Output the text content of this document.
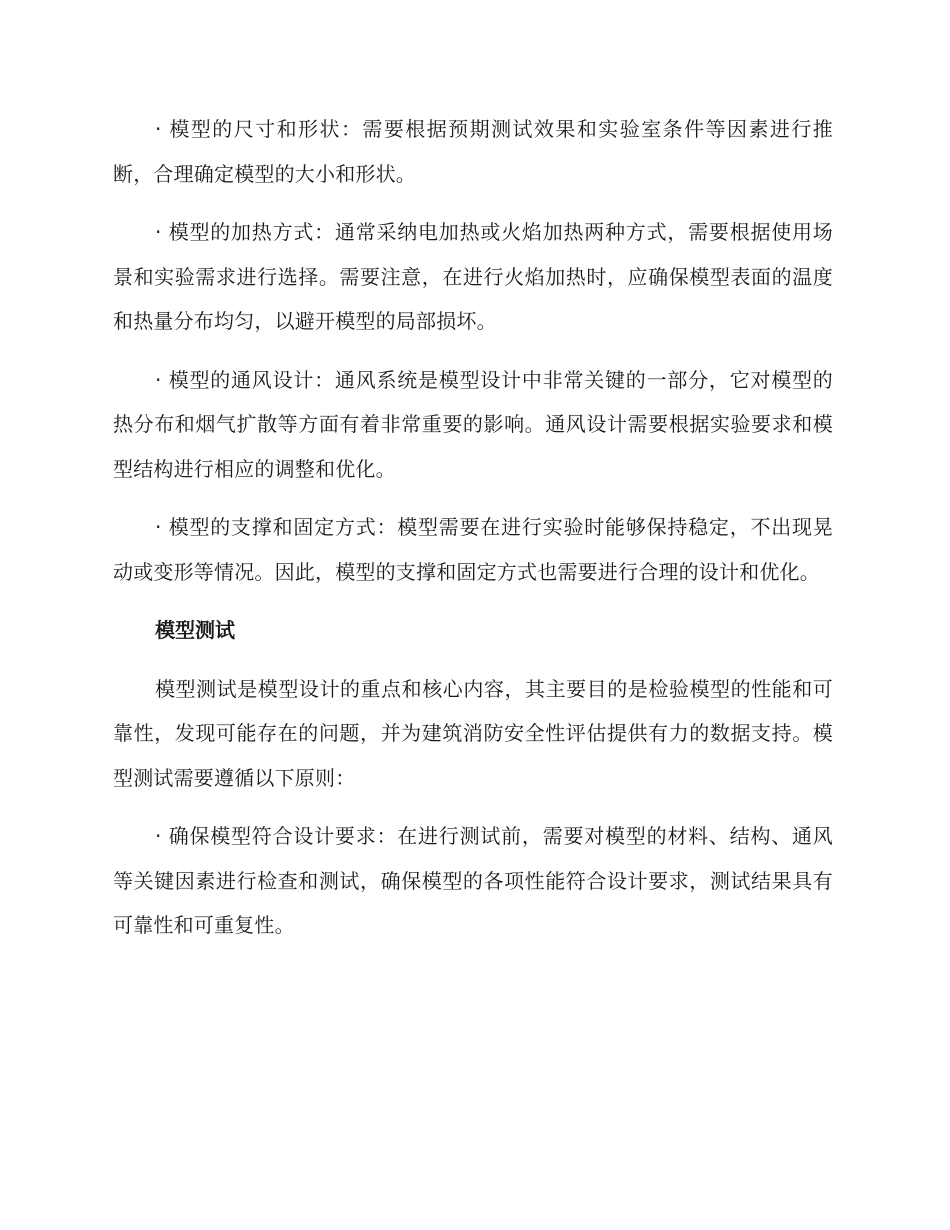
· 模型的尺寸和形状：需要根据预期测试效果和实验室条件等因素进行推断，合理确定模型的大小和形状。

· 模型的加热方式：通常采纳电加热或火焰加热两种方式，需要根据使用场景和实验需求进行选择。需要注意，在进行火焰加热时，应确保模型表面的温度和热量分布均匀，以避开模型的局部损坏。

· 模型的通风设计：通风系统是模型设计中非常关键的一部分，它对模型的热分布和烟气扩散等方面有着非常重要的影响。通风设计需要根据实验要求和模型结构进行相应的调整和优化。

· 模型的支撑和固定方式：模型需要在进行实验时能够保持稳定，不出现晃动或变形等情况。因此，模型的支撑和固定方式也需要进行合理的设计和优化。

模型测试

模型测试是模型设计的重点和核心内容，其主要目的是检验模型的性能和可靠性，发现可能存在的问题，并为建筑消防安全性评估提供有力的数据支持。模型测试需要遵循以下原则：

· 确保模型符合设计要求：在进行测试前，需要对模型的材料、结构、通风等关键因素进行检查和测试，确保模型的各项性能符合设计要求，测试结果具有可靠性和可重复性。
